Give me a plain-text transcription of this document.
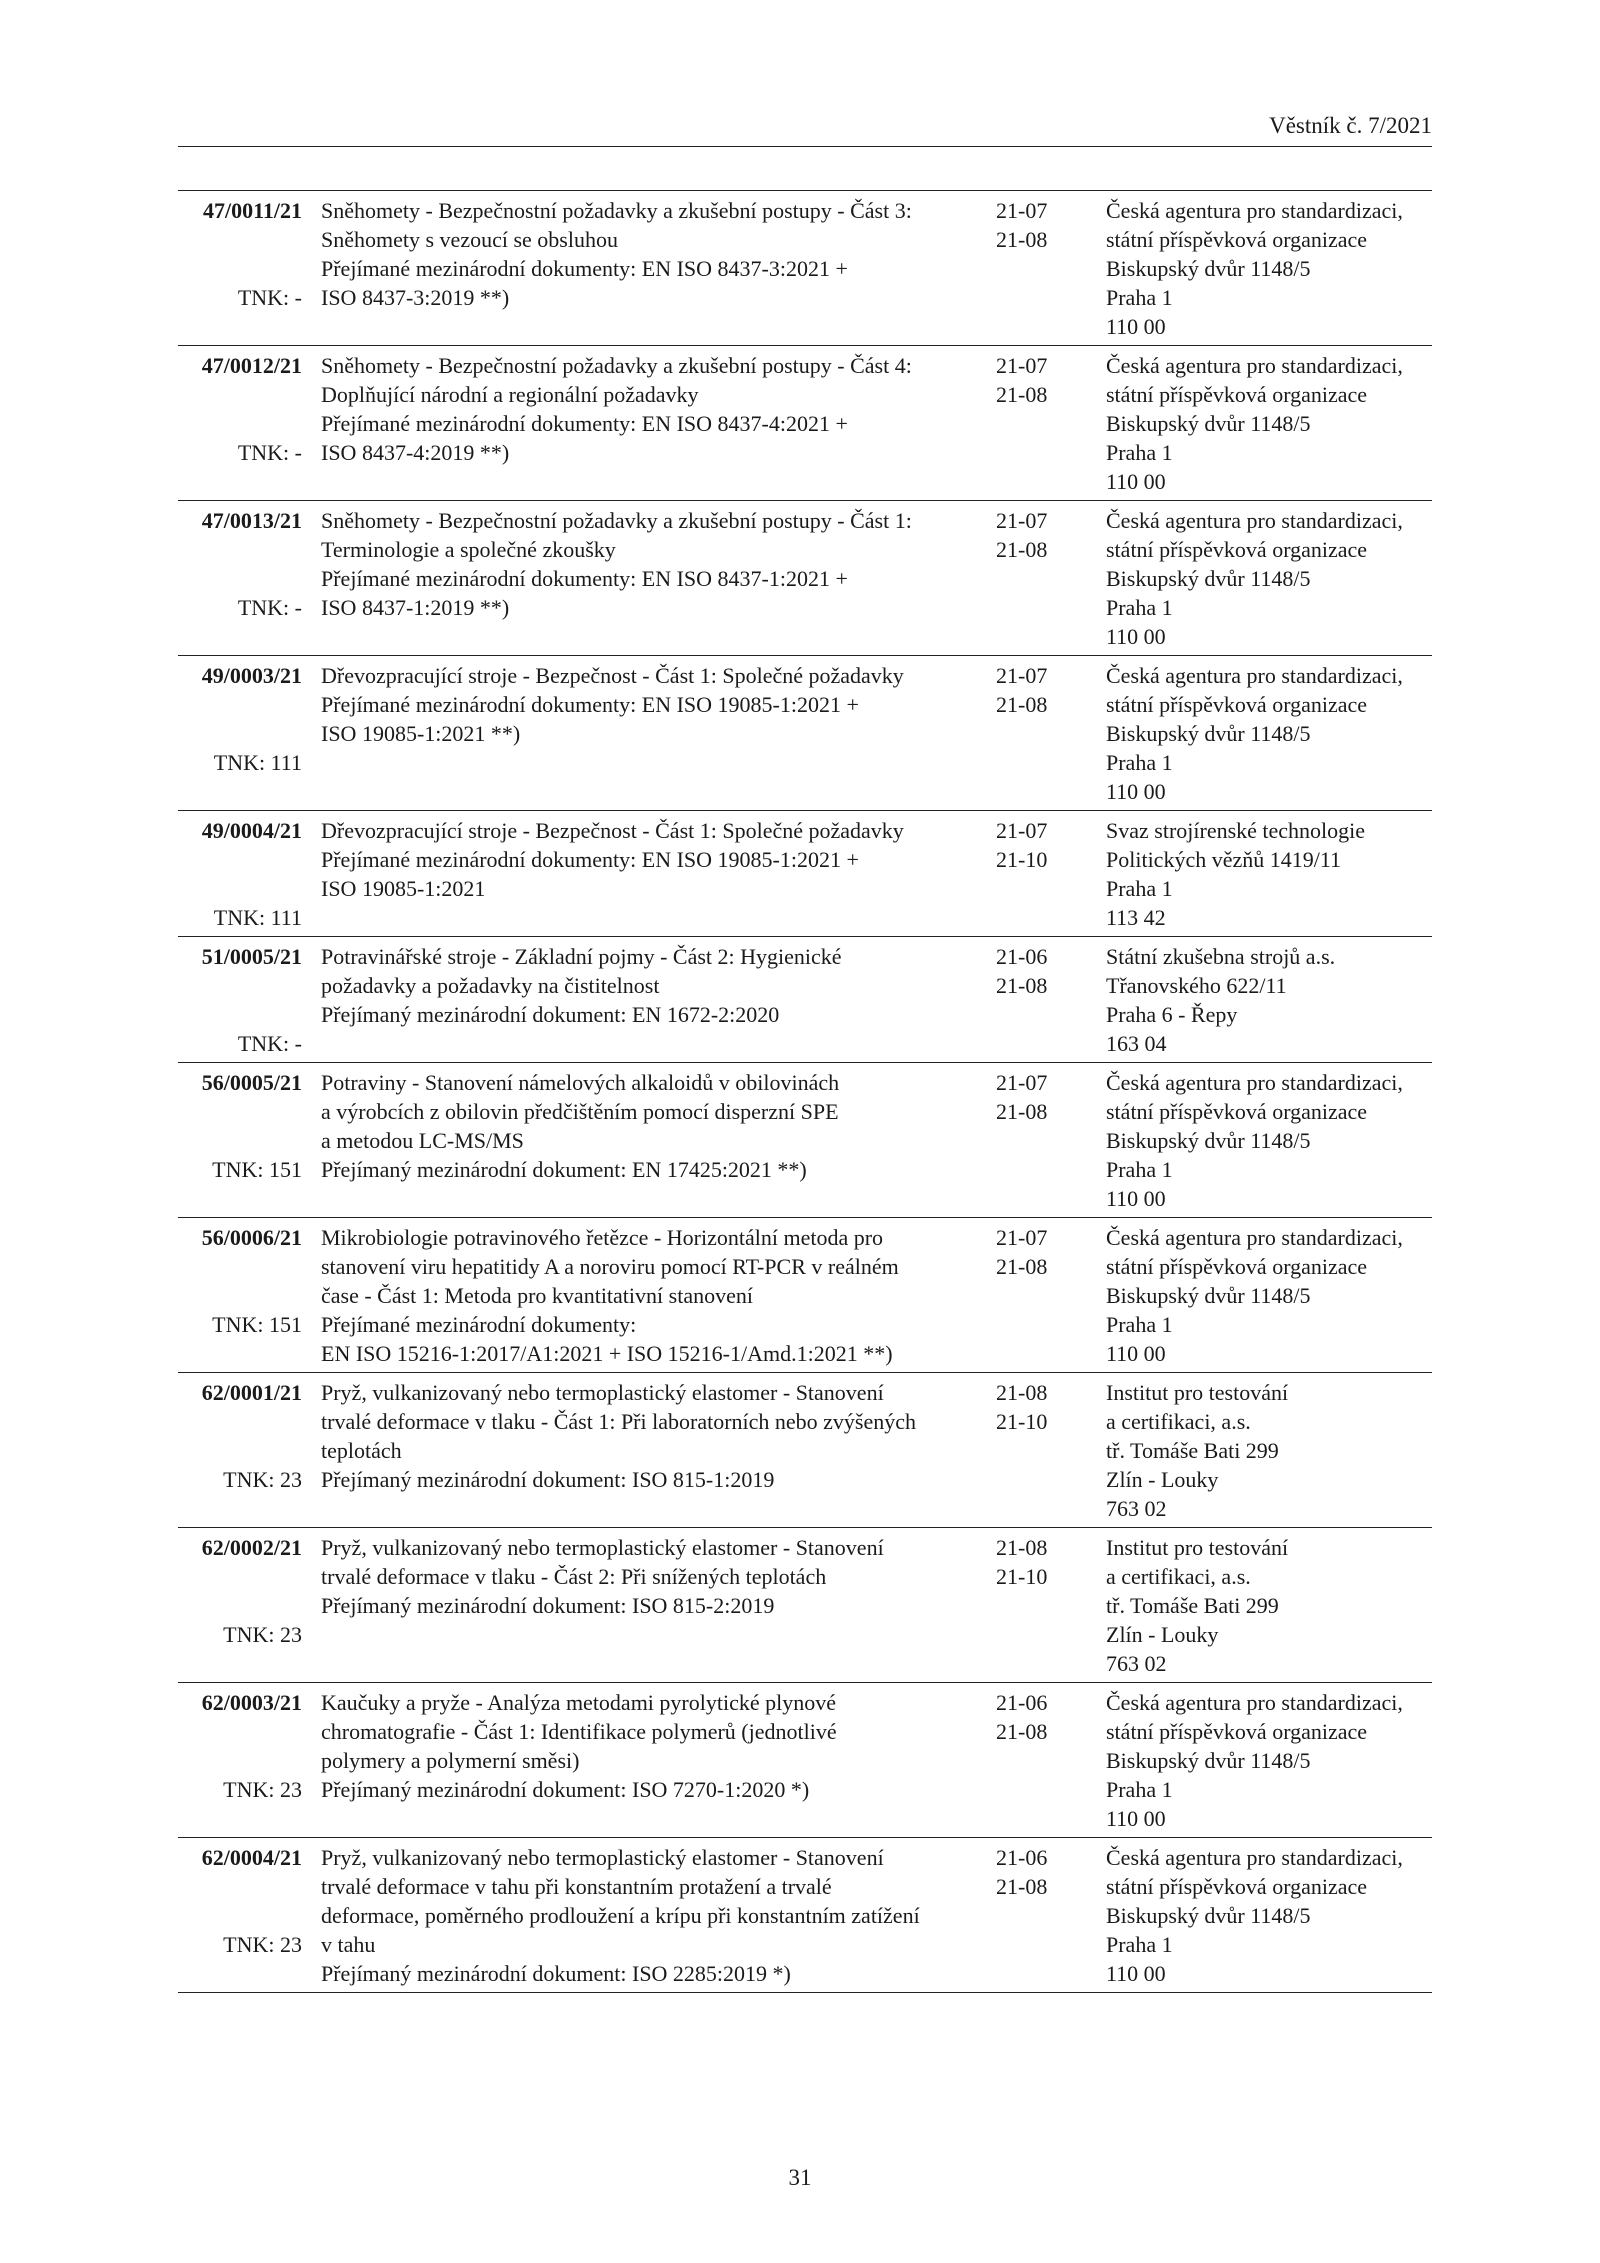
Věstník č. 7/2021
47/0011/21
TNK: -
Sněhomety - Bezpečnostní požadavky a zkušební postupy - Část 3:
Sněhomety s vezoucí se obsluhou
Přejímané mezinárodní dokumenty: EN ISO 8437-3:2021 +
ISO 8437-3:2019 **)
21-07
21-08
Česká agentura pro standardizaci,
státní příspěvková organizace
Biskupský dvůr 1148/5
Praha 1
110 00
47/0012/21
TNK: -
Sněhomety - Bezpečnostní požadavky a zkušební postupy - Část 4:
Doplňující národní a regionální požadavky
Přejímané mezinárodní dokumenty: EN ISO 8437-4:2021 +
ISO 8437-4:2019 **)
21-07
21-08
Česká agentura pro standardizaci,
státní příspěvková organizace
Biskupský dvůr 1148/5
Praha 1
110 00
47/0013/21
TNK: -
Sněhomety - Bezpečnostní požadavky a zkušební postupy - Část 1:
Terminologie a společné zkoušky
Přejímané mezinárodní dokumenty: EN ISO 8437-1:2021 +
ISO 8437-1:2019 **)
21-07
21-08
Česká agentura pro standardizaci,
státní příspěvková organizace
Biskupský dvůr 1148/5
Praha 1
110 00
49/0003/21
TNK: 111
Dřevozpracující stroje - Bezpečnost - Část 1: Společné požadavky
Přejímané mezinárodní dokumenty: EN ISO 19085-1:2021 +
ISO 19085-1:2021 **)
21-07
21-08
Česká agentura pro standardizaci,
státní příspěvková organizace
Biskupský dvůr 1148/5
Praha 1
110 00
49/0004/21
TNK: 111
Dřevozpracující stroje - Bezpečnost - Část 1: Společné požadavky
Přejímané mezinárodní dokumenty: EN ISO 19085-1:2021 +
ISO 19085-1:2021
21-07
21-10
Svaz strojírenské technologie
Politických vězňů 1419/11
Praha 1
113 42
51/0005/21
TNK: -
Potravinářské stroje - Základní pojmy - Část 2: Hygienické
požadavky a požadavky na čistitelnost
Přejímaný mezinárodní dokument: EN 1672-2:2020
21-06
21-08
Státní zkušebna strojů a.s.
Třanovského 622/11
Praha 6 - Řepy
163 04
56/0005/21
TNK: 151
Potraviny - Stanovení námelových alkaloidů v obilovinách
a výrobcích z obilovin předčištěním pomocí disperzní SPE
a metodou LC-MS/MS
Přejímaný mezinárodní dokument: EN 17425:2021 **)
21-07
21-08
Česká agentura pro standardizaci,
státní příspěvková organizace
Biskupský dvůr 1148/5
Praha 1
110 00
56/0006/21
TNK: 151
Mikrobiologie potravinového řetězce - Horizontální metoda pro
stanovení viru hepatitidy A a noroviru pomocí RT-PCR v reálném
čase - Část 1: Metoda pro kvantitativní stanovení
Přejímané mezinárodní dokumenty:
EN ISO 15216-1:2017/A1:2021 + ISO 15216-1/Amd.1:2021 **)
21-07
21-08
Česká agentura pro standardizaci,
státní příspěvková organizace
Biskupský dvůr 1148/5
Praha 1
110 00
62/0001/21
TNK: 23
Pryž, vulkanizovaný nebo termoplastický elastomer - Stanovení
trvalé deformace v tlaku - Část 1: Při laboratorních nebo zvýšených
teplotách
Přejímaný mezinárodní dokument: ISO 815-1:2019
21-08
21-10
Institut pro testování
a certifikaci, a.s.
tř. Tomáše Bati 299
Zlín - Louky
763 02
62/0002/21
TNK: 23
Pryž, vulkanizovaný nebo termoplastický elastomer - Stanovení
trvalé deformace v tlaku - Část 2: Při snížených teplotách
Přejímaný mezinárodní dokument: ISO 815-2:2019
21-08
21-10
Institut pro testování
a certifikaci, a.s.
tř. Tomáše Bati 299
Zlín - Louky
763 02
62/0003/21
TNK: 23
Kaučuky a pryže - Analýza metodami pyrolytické plynové
chromatografie - Část 1: Identifikace polymerů (jednotlivé
polymery a polymerní směsi)
Přejímaný mezinárodní dokument: ISO 7270-1:2020 *)
21-06
21-08
Česká agentura pro standardizaci,
státní příspěvková organizace
Biskupský dvůr 1148/5
Praha 1
110 00
62/0004/21
TNK: 23
Pryž, vulkanizovaný nebo termoplastický elastomer - Stanovení
trvalé deformace v tahu při konstantním protažení a trvalé
deformace, poměrného prodloužení a krípu při konstantním zatížení
v tahu
Přejímaný mezinárodní dokument: ISO 2285:2019 *)
21-06
21-08
Česká agentura pro standardizaci,
státní příspěvková organizace
Biskupský dvůr 1148/5
Praha 1
110 00
31
